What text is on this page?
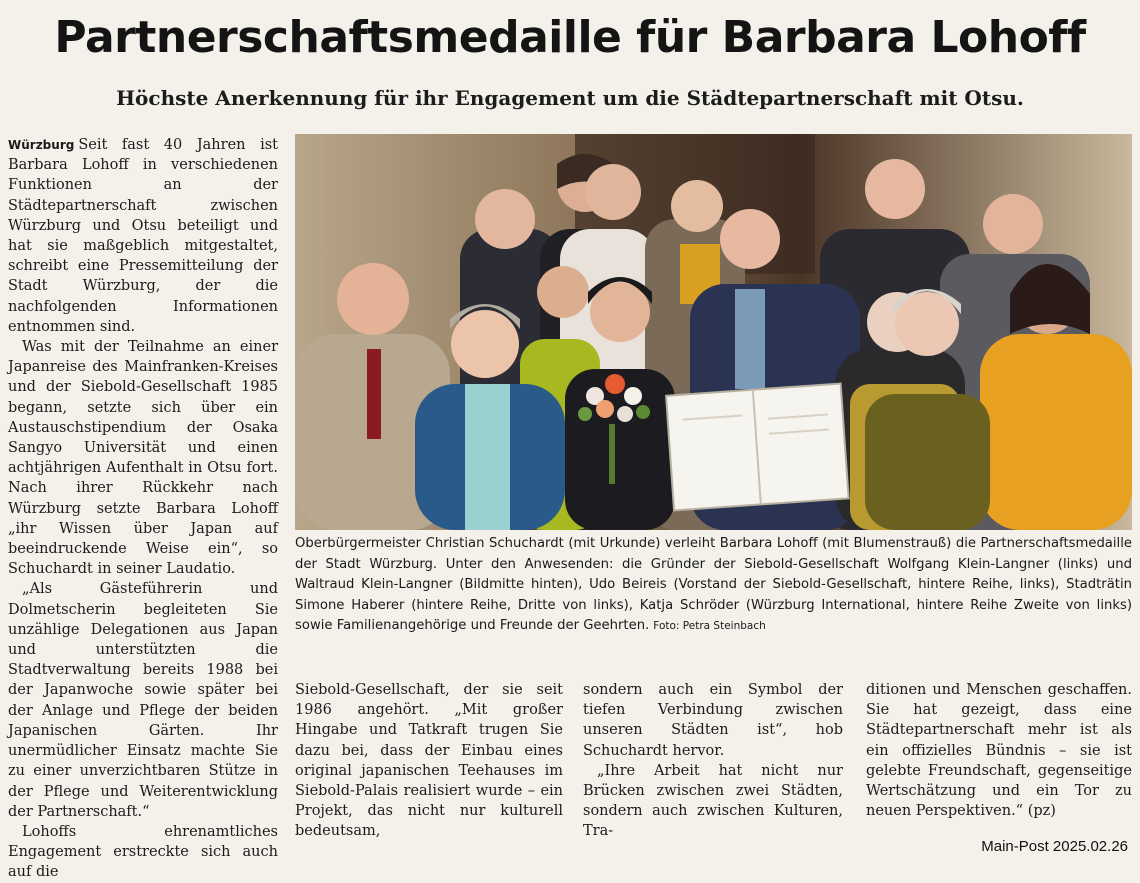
Partnerschaftsmedaille für Barbara Lohoff
Höchste Anerkennung für ihr Engagement um die Städtepartnerschaft mit Otsu.

Würzburg Seit fast 40 Jahren ist Barbara Lohoff in verschiedenen Funktionen an der Städtepartnerschaft zwischen Würzburg und Otsu beteiligt und hat sie maßgeblich mitgestaltet, schreibt eine Pressemitteilung der Stadt Würzburg, der die nachfolgenden Informationen entnommen sind.

Was mit der Teilnahme an einer Japanreise des Mainfranken-Kreises und der Siebold-Gesellschaft 1985 begann, setzte sich über ein Austauschstipendium der Osaka Sangyo Universität und einen achtjährigen Aufenthalt in Otsu fort. Nach ihrer Rückkehr nach Würzburg setzte Barbara Lohoff „ihr Wissen über Japan auf beeindruckende Weise ein“, so Schuchardt in seiner Laudatio.

„Als Gästeführerin und Dolmetscherin begleiteten Sie unzählige Delegationen aus Japan und unterstützten die Stadtverwaltung bereits 1988 bei der Japanwoche sowie später bei der Anlage und Pflege der beiden Japanischen Gärten. Ihr unermüdlicher Einsatz machte Sie zu einer unverzichtbaren Stütze in der Pflege und Weiterentwicklung der Partnerschaft.“

Lohoffs ehrenamtliches Engagement erstreckte sich auch auf die

Oberbürgermeister Christian Schuchardt (mit Urkunde) verleiht Barbara Lohoff (mit Blumenstrauß) die Partnerschaftsmedaille der Stadt Würzburg. Unter den Anwesenden: die Gründer der Siebold-Gesellschaft Wolfgang Klein-Langner (links) und Waltraud Klein-Langner (Bildmitte hinten), Udo Beireis (Vorstand der Siebold-Gesellschaft, hintere Reihe, links), Stadträtin Simone Haberer (hintere Reihe, Dritte von links), Katja Schröder (Würzburg International, hintere Reihe Zweite von links) sowie Familienangehörige und Freunde der Geehrten. Foto: Petra Steinbach

Siebold-Gesellschaft, der sie seit 1986 angehört. „Mit großer Hingabe und Tatkraft trugen Sie dazu bei, dass der Einbau eines original japanischen Teehauses im Siebold-Palais realisiert wurde – ein Projekt, das nicht nur kulturell bedeutsam,

sondern auch ein Symbol der tiefen Verbindung zwischen unseren Städten ist“, hob Schuchardt hervor.

„Ihre Arbeit hat nicht nur Brücken zwischen zwei Städten, sondern auch zwischen Kulturen, Tra-

ditionen und Menschen geschaffen. Sie hat gezeigt, dass eine Städtepartnerschaft mehr ist als ein offizielles Bündnis – sie ist gelebte Freundschaft, gegenseitige Wertschätzung und ein Tor zu neuen Perspektiven.“ (pz)

Main-Post 2025.02.26
